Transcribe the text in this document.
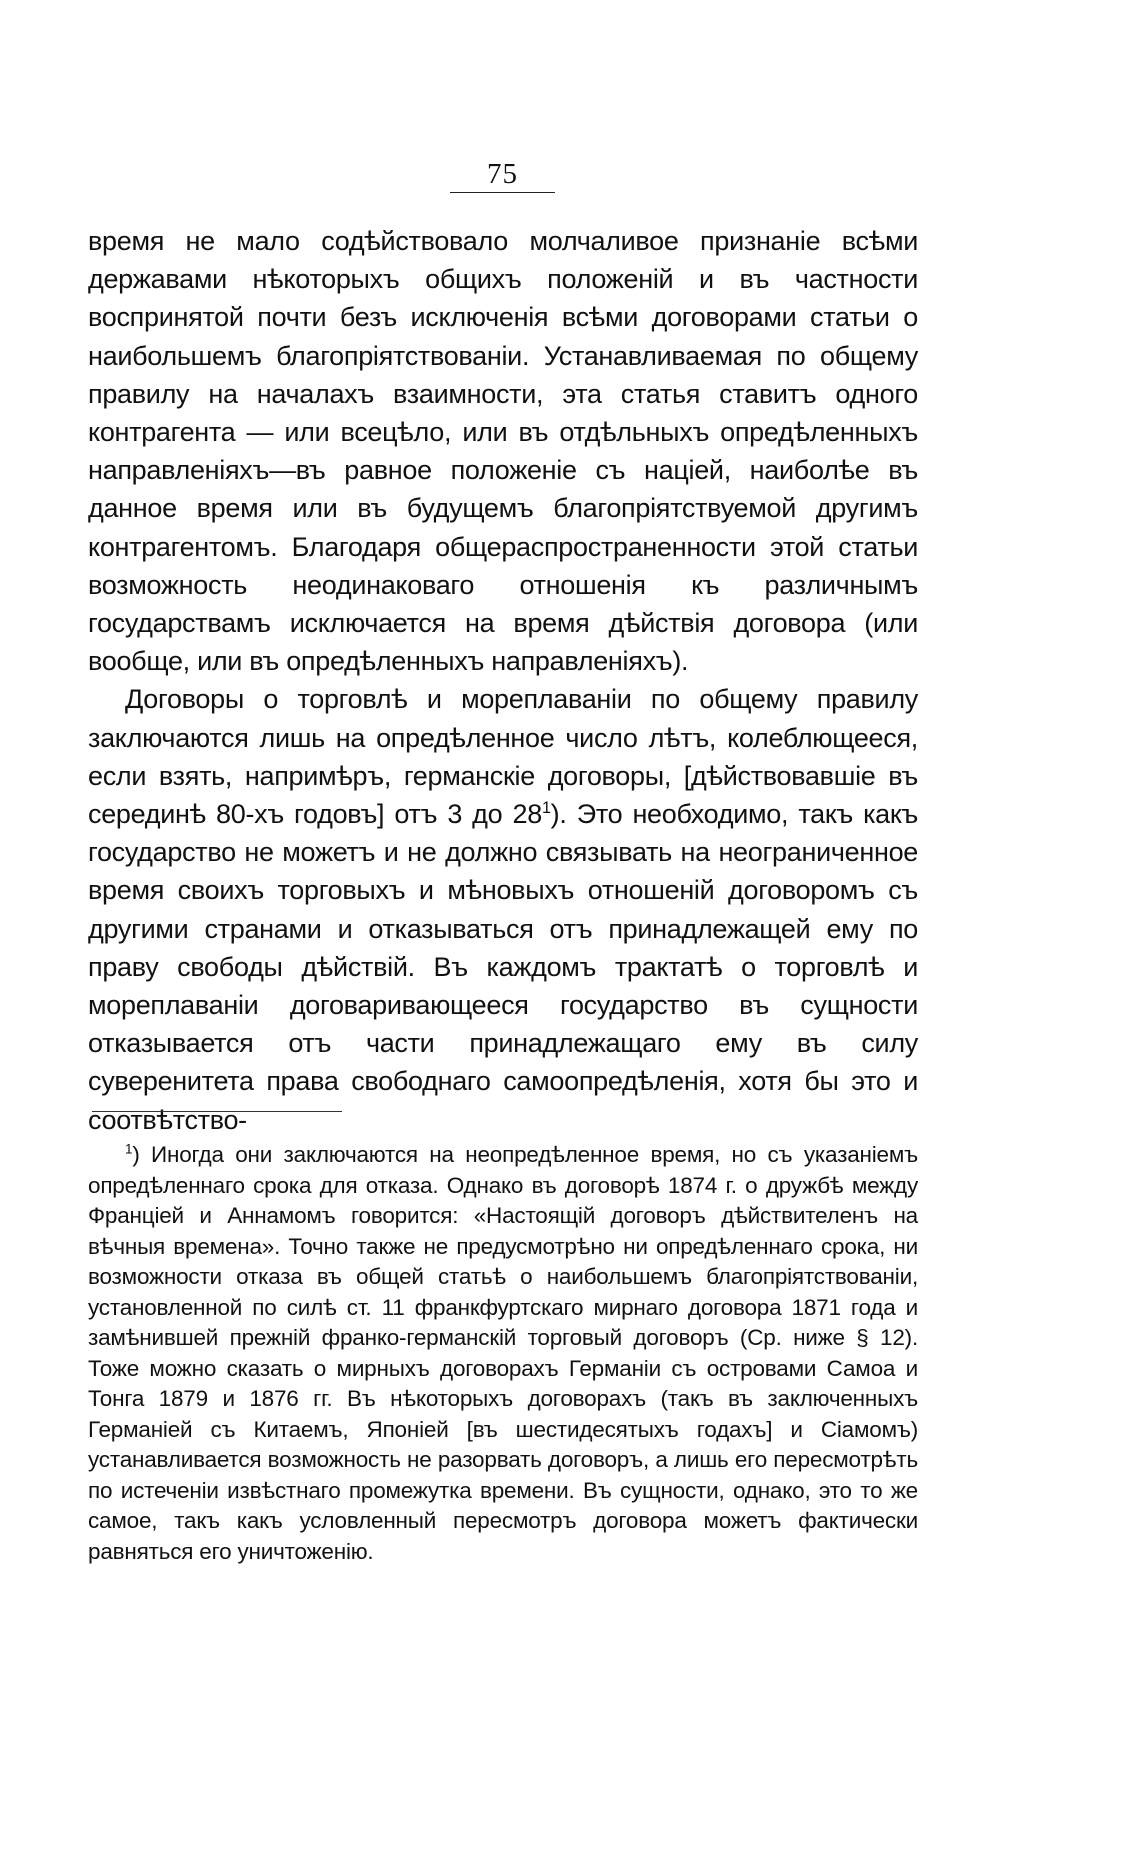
75

время не мало содѣйствовало молчаливое признаніе всѣми державами нѣкоторыхъ общихъ положеній и въ частности воспринятой почти безъ исключенія всѣми договорами статьи о наибольшемъ благопріятствованіи. Устанавливаемая по общему правилу на началахъ взаимности, эта статья ставитъ одного контрагента — или всецѣло, или въ отдѣльныхъ опредѣленныхъ направленіяхъ—въ равное положеніе съ націей, наиболѣе въ данное время или въ будущемъ благопріятствуемой другимъ контрагентомъ. Благодаря общераспространенности этой статьи возможность неодинаковаго отношенія къ различнымъ государствамъ исключается на время дѣйствія договора (или вообще, или въ опредѣленныхъ направленіяхъ).

Договоры о торговлѣ и мореплаваніи по общему правилу заключаются лишь на опредѣленное число лѣтъ, колеблющееся, если взять, напримѣръ, германскіе договоры, [дѣйствовавшіе въ серединѣ 80-хъ годовъ] отъ 3 до $28^1$). Это необходимо, такъ какъ государство не можетъ и не должно связывать на неограниченное время своихъ торговыхъ и мѣновыхъ отношеній договоромъ съ другими странами и отказываться отъ принадлежащей ему по праву свободы дѣйствій. Въ каждомъ трактатѣ о торговлѣ и мореплаваніи договаривающееся государство въ сущности отказывается отъ части принадлежащаго ему въ силу суверенитета права свободнаго самоопредѣленія, хотя бы это и соотвѣтство-

$^1$) Иногда они заключаются на неопредѣленное время, но съ указаніемъ опредѣленнаго срока для отказа. Однако въ договорѣ 1874 г. о дружбѣ между Франціей и Аннамомъ говорится: «Настоящій договоръ дѣйствителенъ на вѣчныя времена». Точно также не предусмотрѣно ни опредѣленнаго срока, ни возможности отказа въ общей статьѣ о наибольшемъ благопріятствованіи, установленной по силѣ ст. 11 франкфуртскаго мирнаго договора 1871 года и замѣнившей прежній франко-германскій торговый договоръ (Ср. ниже § 12). Тоже можно сказать о мирныхъ договорахъ Германіи съ островами Самоа и Тонга 1879 и 1876 гг. Въ нѣкоторыхъ договорахъ (такъ въ заключенныхъ Германіей съ Китаемъ, Японіей [въ шестидесятыхъ годахъ] и Сіамомъ) устанавливается возможность не разорвать договоръ, а лишь его пересмотрѣть по истеченіи извѣстнаго промежутка времени. Въ сущности, однако, это то же самое, такъ какъ условленный пересмотръ договора можетъ фактически равняться его уничтоженію.
